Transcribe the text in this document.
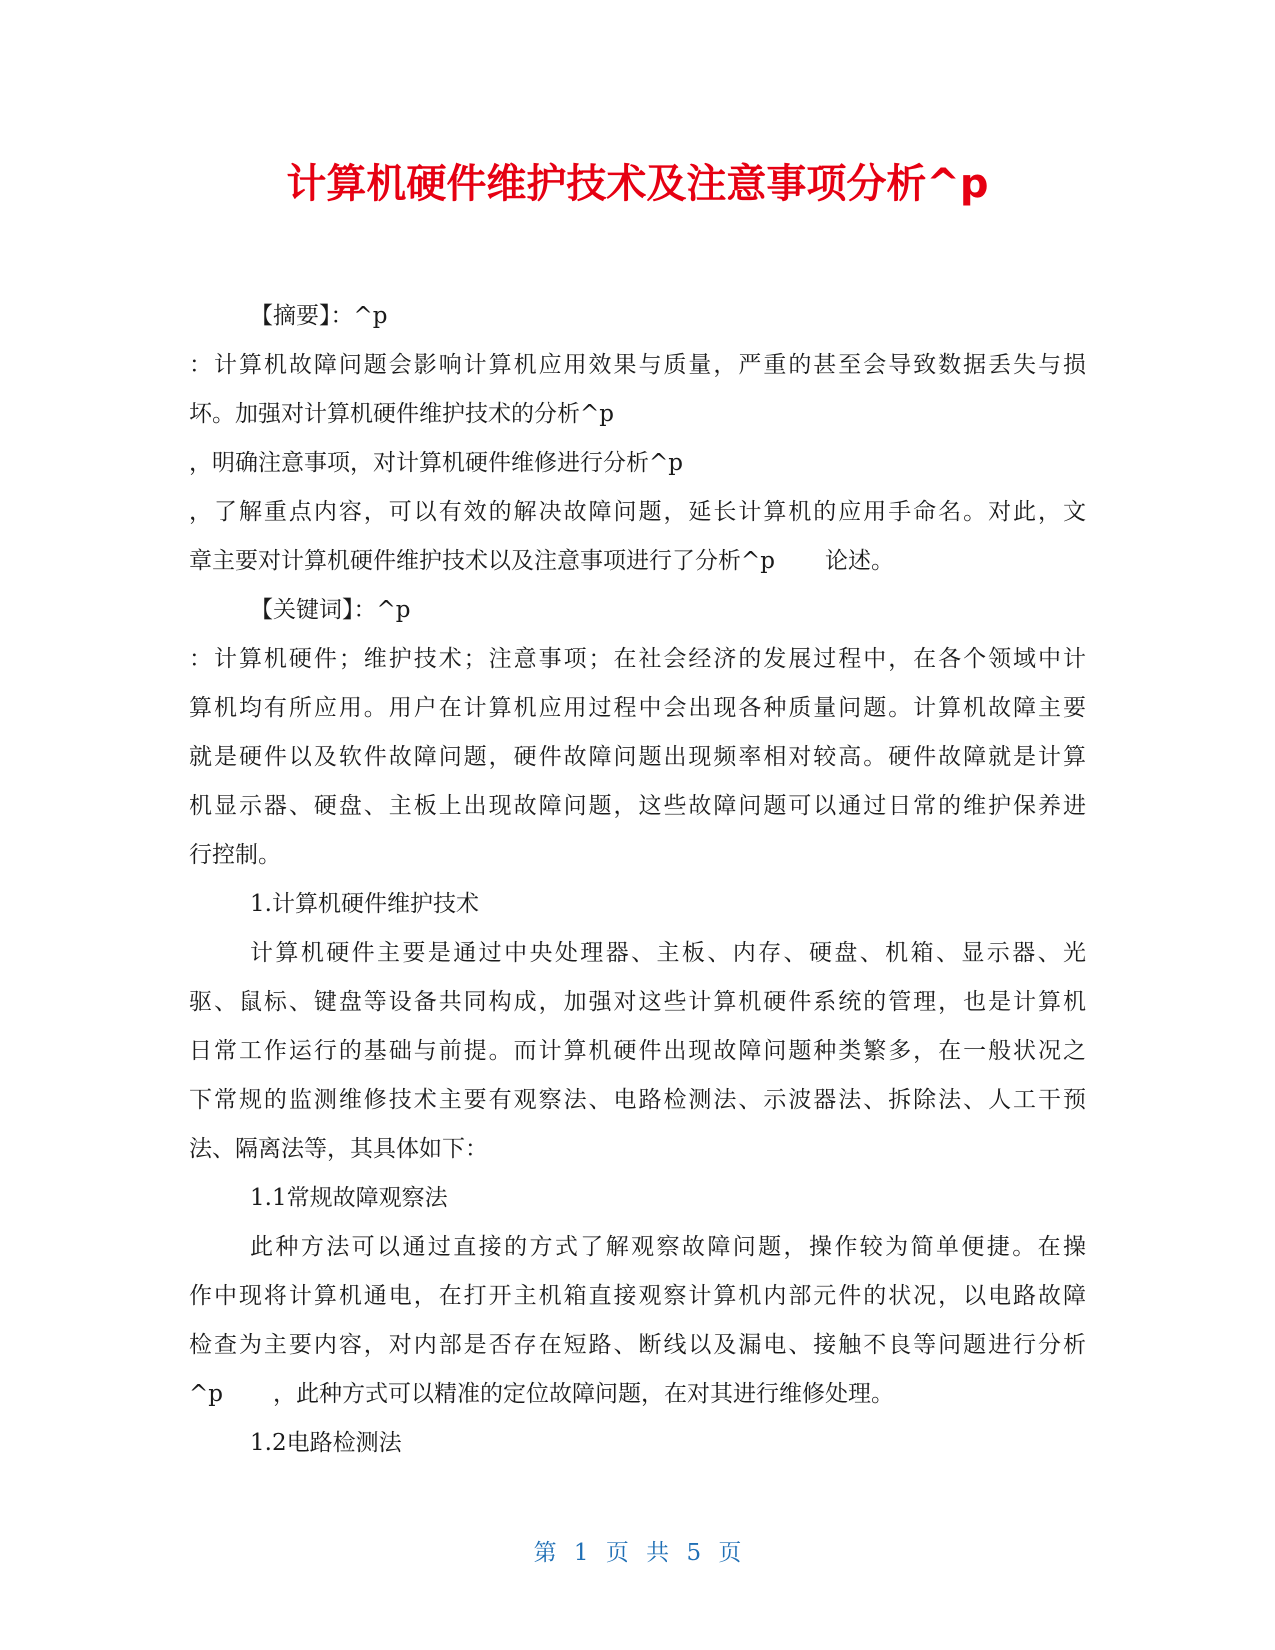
计算机硬件维护技术及注意事项分析^p

【摘要】：^p

：计算机故障问题会影响计算机应用效果与质量，严重的甚至会导致数据丢失与损

坏。加强对计算机硬件维护技术的分析^p

，明确注意事项，对计算机硬件维修进行分析^p

，了解重点内容，可以有效的解决故障问题，延长计算机的应用手命名。对此，文

章主要对计算机硬件维护技术以及注意事项进行了分析^p 论述。

【关键词】：^p

：计算机硬件；维护技术；注意事项；在社会经济的发展过程中，在各个领域中计

算机均有所应用。用户在计算机应用过程中会出现各种质量问题。计算机故障主要

就是硬件以及软件故障问题，硬件故障问题出现频率相对较高。硬件故障就是计算

机显示器、硬盘、主板上出现故障问题，这些故障问题可以通过日常的维护保养进

行控制。

1.计算机硬件维护技术

计算机硬件主要是通过中央处理器、主板、内存、硬盘、机箱、显示器、光

驱、鼠标、键盘等设备共同构成，加强对这些计算机硬件系统的管理，也是计算机

日常工作运行的基础与前提。而计算机硬件出现故障问题种类繁多，在一般状况之

下常规的监测维修技术主要有观察法、电路检测法、示波器法、拆除法、人工干预

法、隔离法等，其具体如下：

1.1常规故障观察法

此种方法可以通过直接的方式了解观察故障问题，操作较为简单便捷。在操

作中现将计算机通电，在打开主机箱直接观察计算机内部元件的状况，以电路故障

检查为主要内容，对内部是否存在短路、断线以及漏电、接触不良等问题进行分析

^p ，此种方式可以精准的定位故障问题，在对其进行维修处理。

1.2电路检测法

第 1 页 共 5 页
